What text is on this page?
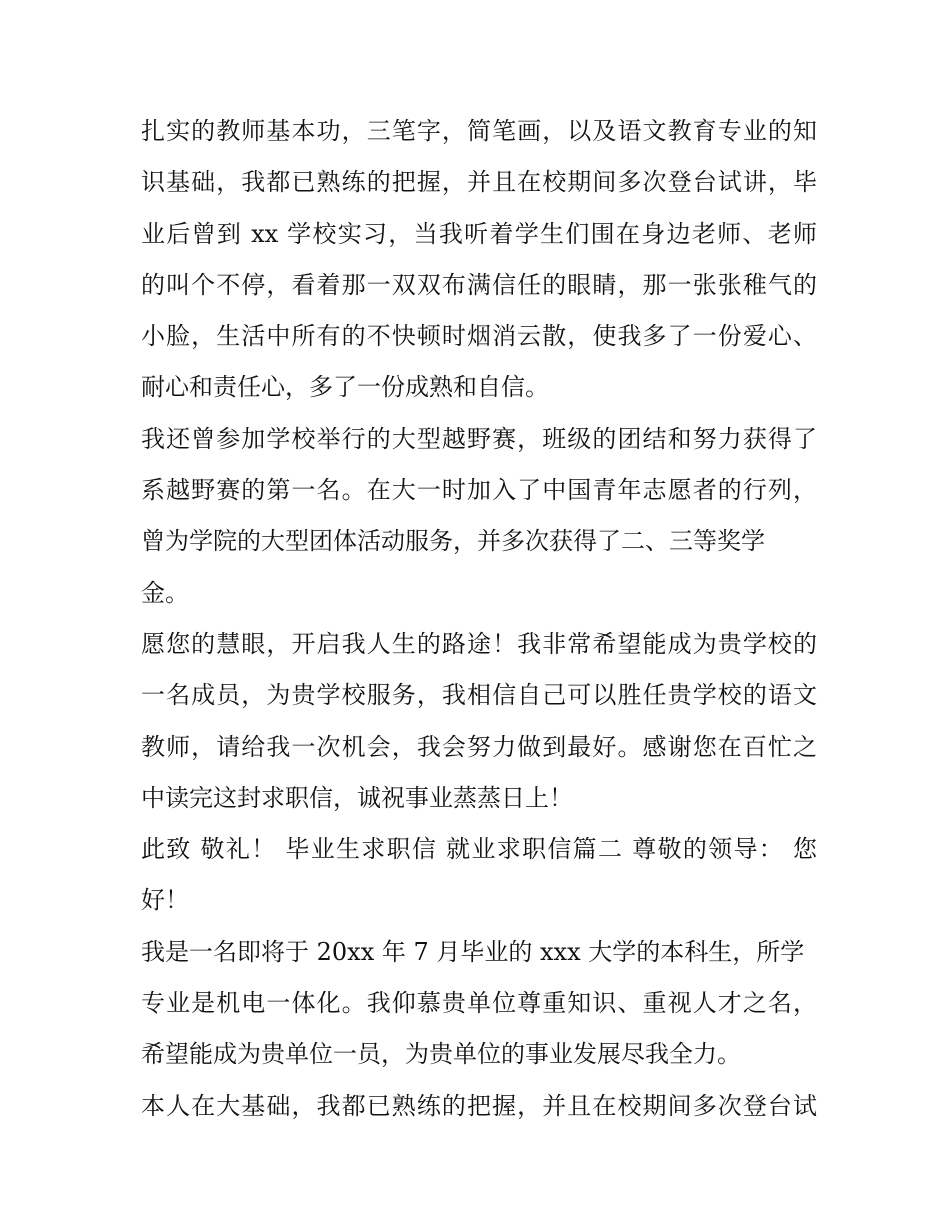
扎实的教师基本功，三笔字，简笔画，以及语文教育专业的知
识基础，我都已熟练的把握，并且在校期间多次登台试讲，毕
业后曾到 xx 学校实习，当我听着学生们围在身边老师、老师
的叫个不停，看着那一双双布满信任的眼睛，那一张张稚气的
小脸，生活中所有的不快顿时烟消云散，使我多了一份爱心、
耐心和责任心，多了一份成熟和自信。
我还曾参加学校举行的大型越野赛，班级的团结和努力获得了
系越野赛的第一名。在大一时加入了中国青年志愿者的行列，
曾为学院的大型团体活动服务，并多次获得了二、三等奖学
金。
愿您的慧眼，开启我人生的路途！我非常希望能成为贵学校的
一名成员，为贵学校服务，我相信自己可以胜任贵学校的语文
教师，请给我一次机会，我会努力做到最好。感谢您在百忙之
中读完这封求职信，诚祝事业蒸蒸日上！
此致 敬礼！ 毕业生求职信 就业求职信篇二 尊敬的领导： 您
好！
我是一名即将于 20xx 年 7 月毕业的 xxx 大学的本科生，所学
专业是机电一体化。我仰慕贵单位尊重知识、重视人才之名，
希望能成为贵单位一员，为贵单位的事业发展尽我全力。
本人在大基础，我都已熟练的把握，并且在校期间多次登台试
